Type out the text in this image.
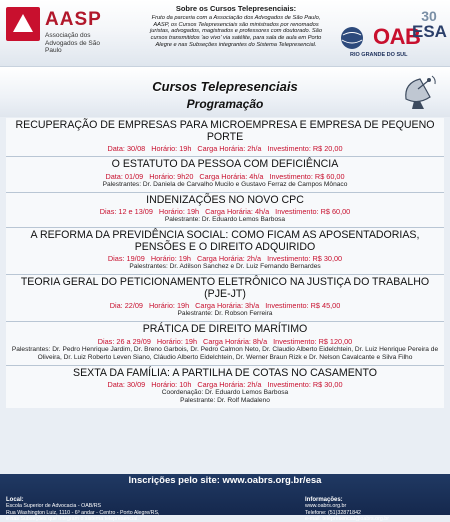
AASP
Associação dos Advogados de São Paulo
Sobre os Cursos Telepresenciais:
Fruto da parceria com a Associação dos Advogados de São Paulo, AASP, os Cursos Telepresenciais são ministrados por renomados juristas, advogados, magistrados e professores com doutorado. São cursos transmitidos 'ao vivo' via satélite, para sala de aula em Porto Alegre e nas Subseções integrantes do Sistema Telepresencial.	OAB
RIO GRANDE DO SUL
30
ESA
Cursos Telepresenciais
Programação
RECUPERAÇÃO DE EMPRESAS PARA MICROEMPRESA E EMPRESA DE PEQUENO PORTE
Data: 30/08 Horário: 19h Carga Horária: 2h/a Investimento: R$ 20,00
O ESTATUTO DA PESSOA COM DEFICIÊNCIA
Data: 01/09 Horário: 9h20 Carga Horária: 4h/a Investimento: R$ 60,00
Palestrantes: Dr. Daniela de Carvalho Mucilo e Gustavo Ferraz de Campos Mônaco
INDENIZAÇÕES NO NOVO CPC
Dias: 12 e 13/09 Horário: 19h Carga Horária: 4h/a Investimento: R$ 60,00
Palestrante: Dr. Eduardo Lemos Barbosa
A REFORMA DA PREVIDÊNCIA SOCIAL: COMO FICAM AS APOSENTADORIAS, PENSÕES E O DIREITO ADQUIRIDO
Dias: 19/09 Horário: 19h Carga Horária: 2h/a Investimento: R$ 30,00
Palestrantes: Dr. Adilson Sanchez e Dr. Luiz Fernando Bernardes
TEORIA GERAL DO PETICIONAMENTO ELETRÔNICO NA JUSTIÇA DO TRABALHO (PJE-JT)
Dia: 22/09 Horário: 19h Carga Horária: 3h/a Investimento: R$ 45,00
Palestrante: Dr. Robson Ferreira
PRÁTICA DE DIREITO MARÍTIMO
Dias: 26 a 29/09 Horário: 19h Carga Horária: 8h/a Investimento: R$ 120,00
Palestrantes: Dr. Pedro Henrique Jardim, Dr. Breno Garbois, Dr. Pedro Calmon Neto, Dr. Claudio Alberto Eidelchtein, Dr. Luiz Henrique Pereira de Oliveira, Dr. Luiz Roberto Leven Siano, Cláudio Alberto Eidelchtein, Dr. Werner Braun Rizk e Dr. Nelson Cavalcante e Silva Filho
SEXTA DA FAMÍLIA: A PARTILHA DE COTAS NO CASAMENTO
Data: 30/09 Horário: 10h Carga Horária: 2h/a Investimento: R$ 30,00
Coordenação: Dr. Eduardo Lemos Barbosa
Palestrante: Dr. Rolf Madaleno
Inscrições pelo site: www.oabrs.org.br/esa
Local:
Escola Superior de Advocacia - OAB/RS
Rua Washington Luiz, 1110 - 6º andar - Centro - Porto Alegre/RS,
e nas Subseções que integram o sistema telepresencial.
Informações:
www.oabrs.org.br
Telefone: (51)32871842
e-mail: telepresencial@oabrs.org.br
